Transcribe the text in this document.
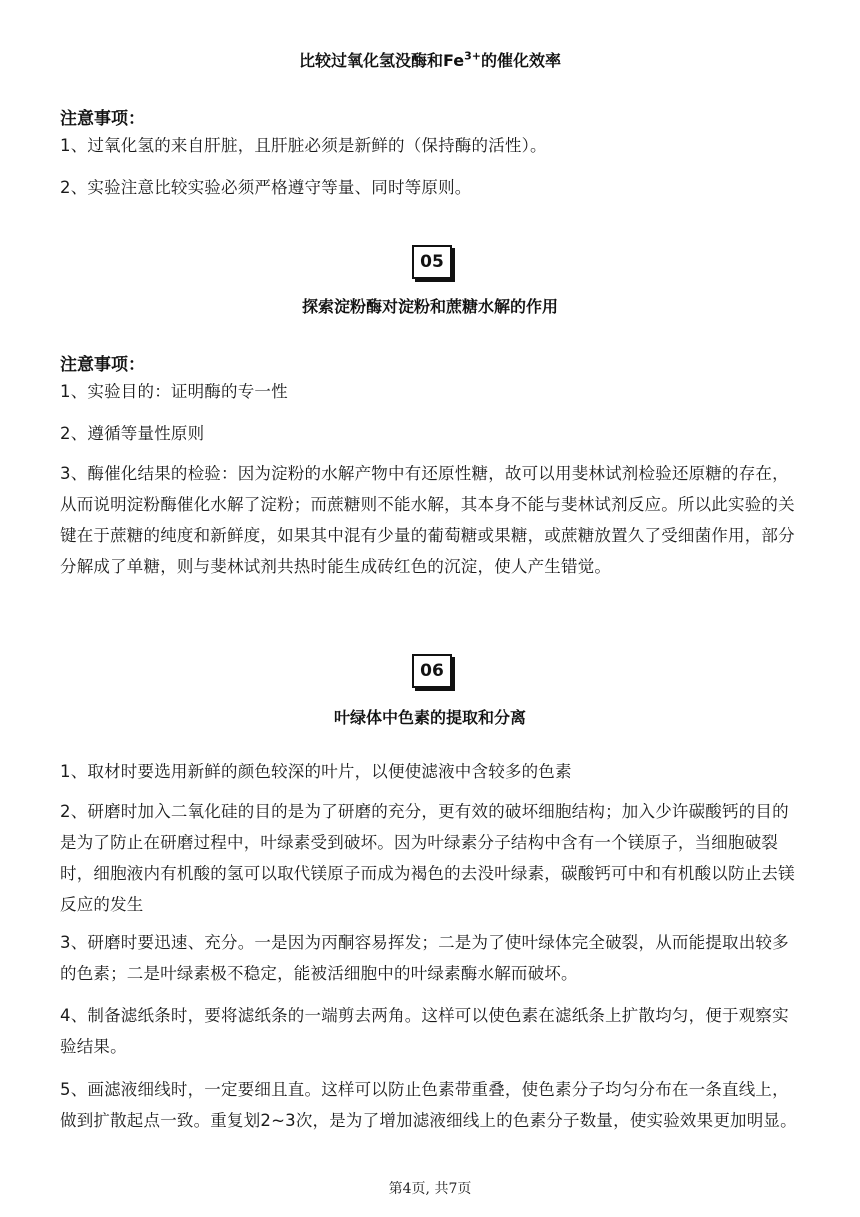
比较过氧化氢没酶和$Fe^{3+}$的催化效率
注意事项：
1、过氧化氢的来自肝脏，且肝脏必须是新鲜的（保持酶的活性）。
2、实验注意比较实验必须严格遵守等量、同时等原则。
05
探索淀粉酶对淀粉和蔗糖水解的作用
注意事项：
1、实验目的：证明酶的专一性
2、遵循等量性原则
3、酶催化结果的检验：因为淀粉的水解产物中有还原性糖，故可以用斐林试剂检验还原糖的存在，从而说明淀粉酶催化水解了淀粉；而蔗糖则不能水解，其本身不能与斐林试剂反应。所以此实验的关键在于蔗糖的纯度和新鲜度，如果其中混有少量的葡萄糖或果糖，或蔗糖放置久了受细菌作用，部分分解成了单糖，则与斐林试剂共热时能生成砖红色的沉淀，使人产生错觉。
06
叶绿体中色素的提取和分离
1、取材时要选用新鲜的颜色较深的叶片，以便使滤液中含较多的色素
2、研磨时加入二氧化硅的目的是为了研磨的充分，更有效的破坏细胞结构；加入少许碳酸钙的目的是为了防止在研磨过程中，叶绿素受到破坏。因为叶绿素分子结构中含有一个镁原子，当细胞破裂时，细胞液内有机酸的氢可以取代镁原子而成为褐色的去没叶绿素，碳酸钙可中和有机酸以防止去镁反应的发生
3、研磨时要迅速、充分。一是因为丙酮容易挥发；二是为了使叶绿体完全破裂，从而能提取出较多的色素；二是叶绿素极不稳定，能被活细胞中的叶绿素酶水解而破坏。
4、制备滤纸条时，要将滤纸条的一端剪去两角。这样可以使色素在滤纸条上扩散均匀，便于观察实验结果。
5、画滤液细线时，一定要细且直。这样可以防止色素带重叠，使色素分子均匀分布在一条直线上，做到扩散起点一致。重复划2~3次，是为了增加滤液细线上的色素分子数量，使实验效果更加明显。
第4页, 共7页
